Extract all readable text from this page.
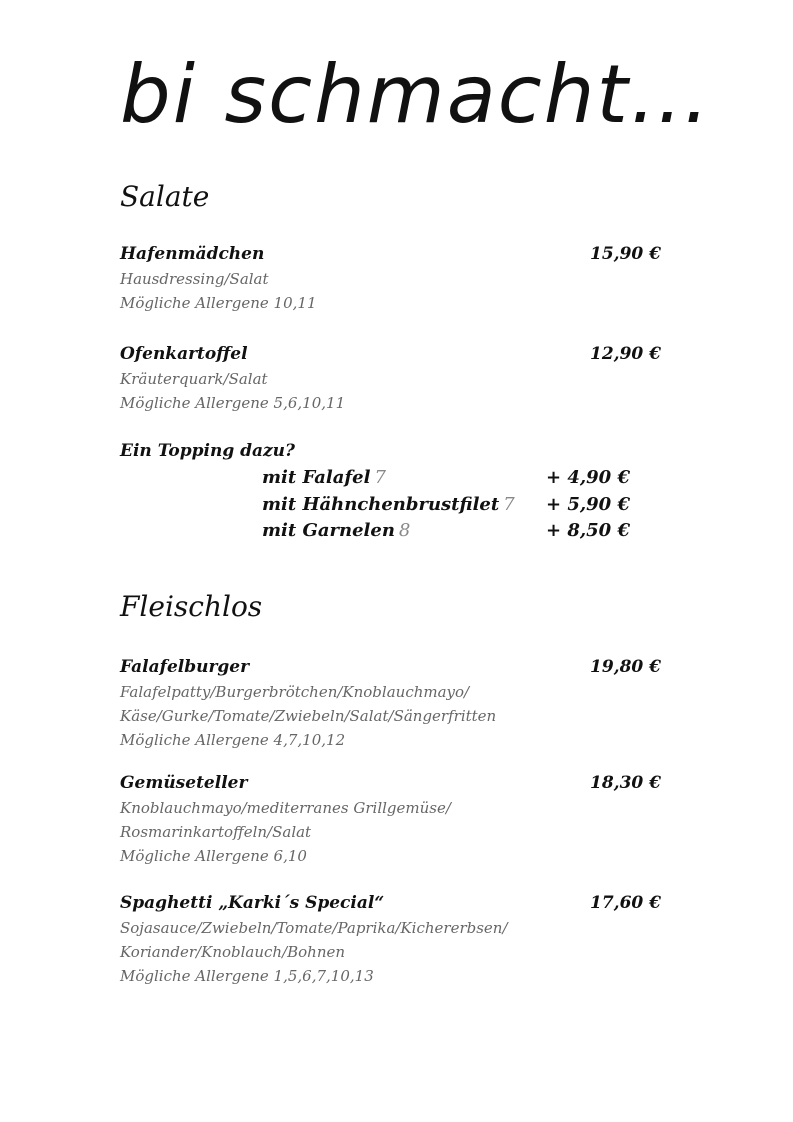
bi schmacht…
Salate
Hafenmädchen	15,90 €
Hausdressing/Salat
Mögliche Allergene 10,11
Ofenkartoffel	12,90 €
Kräuterquark/Salat
Mögliche Allergene 5,6,10,11
Ein Topping dazu?
mit Falafel 7	+ 4,90 €
mit Hähnchenbrustfilet 7 + 5,90 €
mit Garnelen 8	+ 8,50 €
Fleischlos
Falafelburger	19,80 €
Falafelpatty/Burgerbrötchen/Knoblauchmayo/
Käse/Gurke/Tomate/Zwiebeln/Salat/Sängerfritten
Mögliche Allergene 4,7,10,12
Gemüseteller	18,30 €
Knoblauchmayo/mediterranes Grillgemüse/
Rosmarinkartoffeln/Salat
Mögliche Allergene 6,10
Spaghetti „Karki´s Special“	17,60 €
Sojasauce/Zwiebeln/Tomate/Paprika/Kichererbsen/
Koriander/Knoblauch/Bohnen
Mögliche Allergene 1,5,6,7,10,13
